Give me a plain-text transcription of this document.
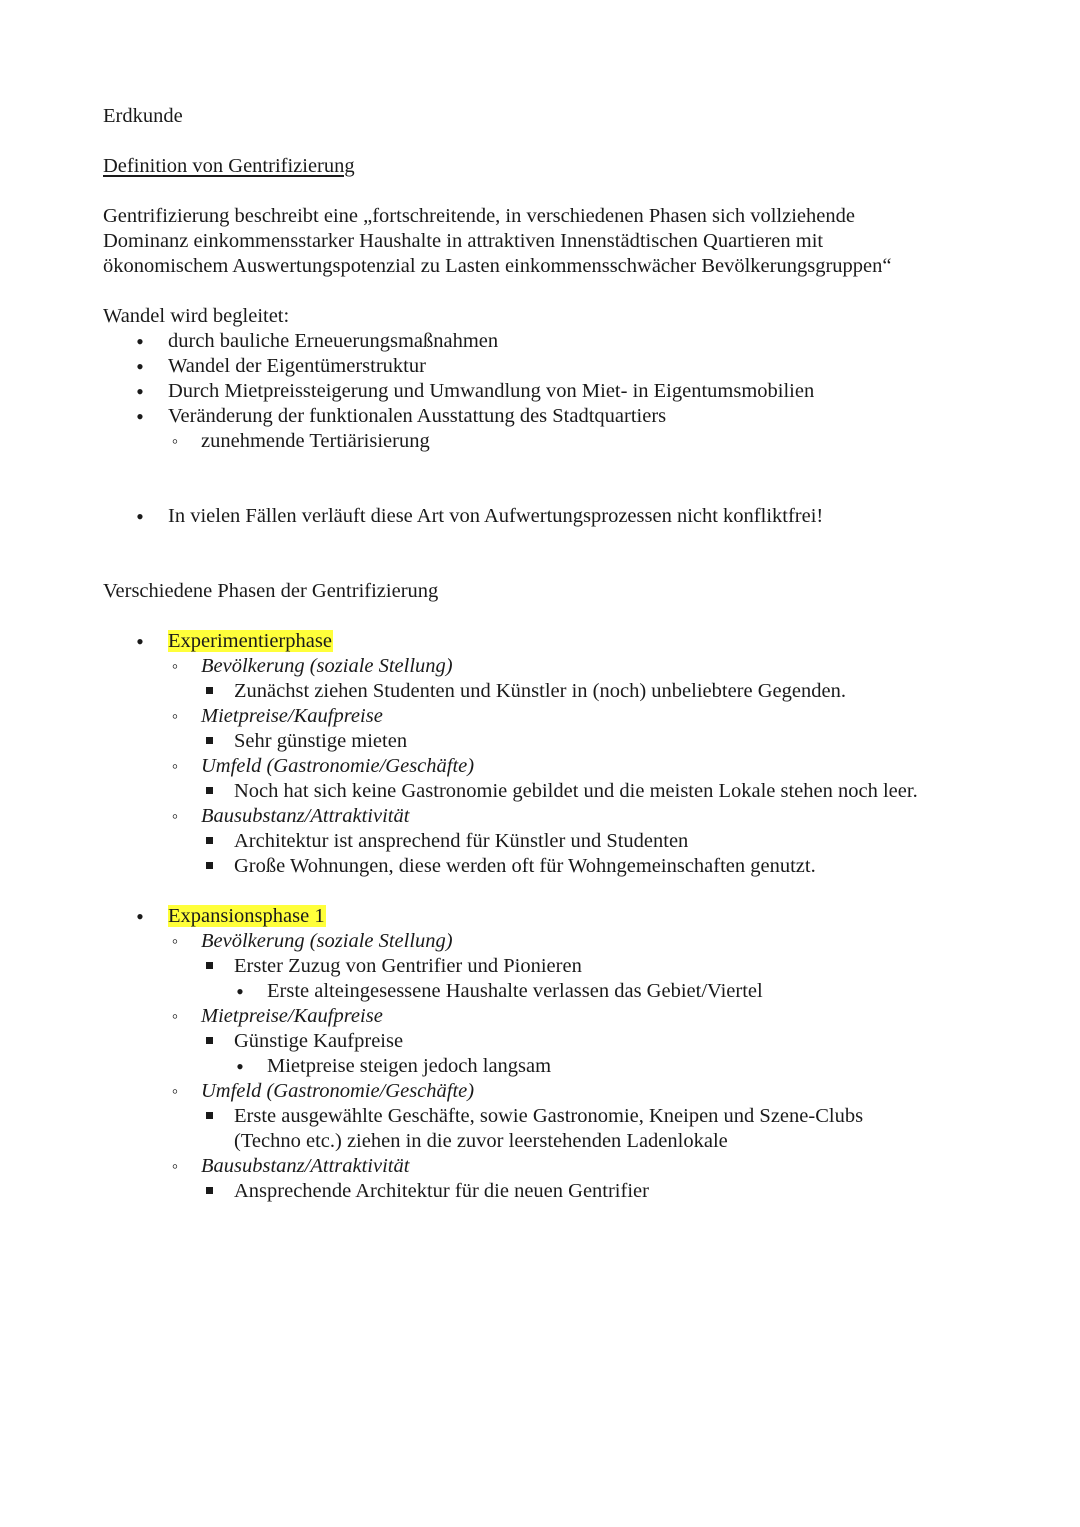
Erdkunde
Definition von Gentrifizierung
Gentrifizierung beschreibt eine „fortschreitende, in verschiedenen Phasen sich vollziehende
Dominanz einkommensstarker Haushalte in attraktiven Innenstädtischen Quartieren mit
ökonomischem Auswertungspotenzial zu Lasten einkommensschwächer Bevölkerungsgruppen“
Wandel wird begleitet:
•
durch bauliche Erneuerungsmaßnahmen
•
Wandel der Eigentümerstruktur
•
Durch Mietpreissteigerung und Umwandlung von Miet- in Eigentumsmobilien
•
Veränderung der funktionalen Ausstattung des Stadtquartiers
◦
zunehmende Tertiärisierung
•
In vielen Fällen verläuft diese Art von Aufwertungsprozessen nicht konfliktfrei!
Verschiedene Phasen der Gentrifizierung
•
Experimentierphase
◦
Bevölkerung (soziale Stellung)
Zunächst ziehen Studenten und Künstler in (noch) unbeliebtere Gegenden.
◦
Mietpreise/Kaufpreise
Sehr günstige mieten
◦
Umfeld (Gastronomie/Geschäfte)
Noch hat sich keine Gastronomie gebildet und die meisten Lokale stehen noch leer.
◦
Bausubstanz/Attraktivität
Architektur ist ansprechend für Künstler und Studenten
Große Wohnungen, diese werden oft für Wohngemeinschaften genutzt.
•
Expansionsphase 1
◦
Bevölkerung (soziale Stellung)
Erster Zuzug von Gentrifier und Pionieren
•
Erste alteingesessene Haushalte verlassen das Gebiet/Viertel
◦
Mietpreise/Kaufpreise
Günstige Kaufpreise
•
Mietpreise steigen jedoch langsam
◦
Umfeld (Gastronomie/Geschäfte)
Erste ausgewählte Geschäfte, sowie Gastronomie, Kneipen und Szene-Clubs
(Techno etc.) ziehen in die zuvor leerstehenden Ladenlokale
◦
Bausubstanz/Attraktivität
Ansprechende Architektur für die neuen Gentrifier
